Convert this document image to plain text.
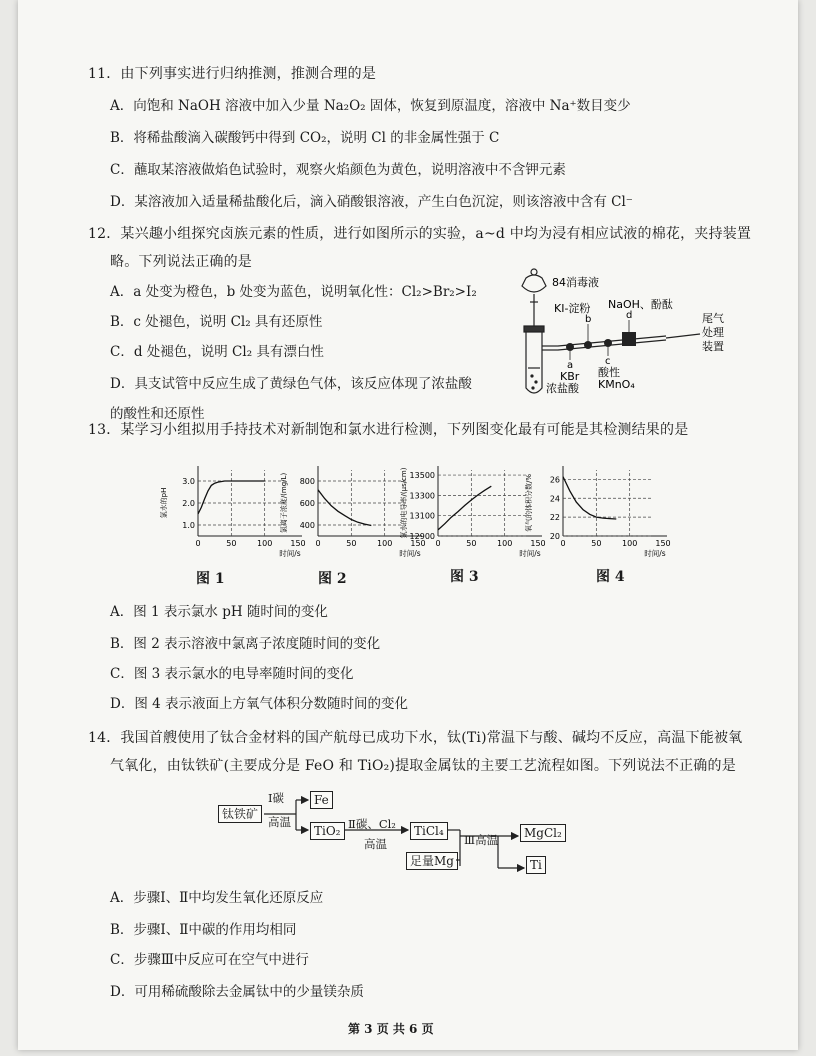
11．由下列事实进行归纳推测，推测合理的是
A．向饱和 NaOH 溶液中加入少量 Na₂O₂ 固体，恢复到原温度，溶液中 Na⁺数目变少
B．将稀盐酸滴入碳酸钙中得到 CO₂，说明 Cl 的非金属性强于 C
C．蘸取某溶液做焰色试验时，观察火焰颜色为黄色，说明溶液中不含钾元素
D．某溶液加入适量稀盐酸化后，滴入硝酸银溶液，产生白色沉淀，则该溶液中含有 Cl⁻
12．某兴趣小组探究卤族元素的性质，进行如图所示的实验，a~d 中均为浸有相应试液的棉花，夹持装置
略。下列说法正确的是
A．a 处变为橙色，b 处变为蓝色，说明氧化性：Cl₂>Br₂>I₂
B．c 处褪色，说明 Cl₂ 具有还原性
C．d 处褪色，说明 Cl₂ 具有漂白性
D．具支试管中反应生成了黄绿色气体，该反应体现了浓盐酸
的酸性和还原性
84消毒液
a
KBr
b
KI-淀粉
c
酸性
KMnO₄
d
NaOH、酚酞
尾气
处理
装置
浓盐酸
13．某学习小组拟用手持技术对新制饱和氯水进行检测，下列图变化最有可能是其检测结果的是
1.0
2.0
3.0
0	50	100 150
时间/s
氯水的pH
400
600
800
0	50	100 150
时间/s
氯离子浓度/(mg/L)
12900
13100
13300
13500
0	50	100 150
时间/s
氯水的电导率/(μs/cm)	20
22
24
26
0	50	100 150
时间/s
氧气的体积分数/%
图 1	图 2	图 3	图 4
A．图 1 表示氯水 pH 随时间的变化
B．图 2 表示溶液中氯离子浓度随时间的变化
C．图 3 表示氯水的电导率随时间的变化
D．图 4 表示液面上方氧气体积分数随时间的变化
14．我国首艘使用了钛合金材料的国产航母已成功下水，钛(Ti)常温下与酸、碱均不反应，高温下能被氧
气氧化，由钛铁矿(主要成分是 FeO 和 TiO₂)提取金属钛的主要工艺流程如图。下列说法不正确的是
钛铁矿
Ⅰ碳
高温
Fe
TiO₂ Ⅱ碳、Cl₂
高温
TiCl₄
足量Mg
Ⅲ高温	MgCl₂
Ti
A．步骤Ⅰ、Ⅱ中均发生氧化还原反应
B．步骤Ⅰ、Ⅱ中碳的作用均相同
C．步骤Ⅲ中反应可在空气中进行
D．可用稀硫酸除去金属钛中的少量镁杂质
第 3 页 共 6 页
